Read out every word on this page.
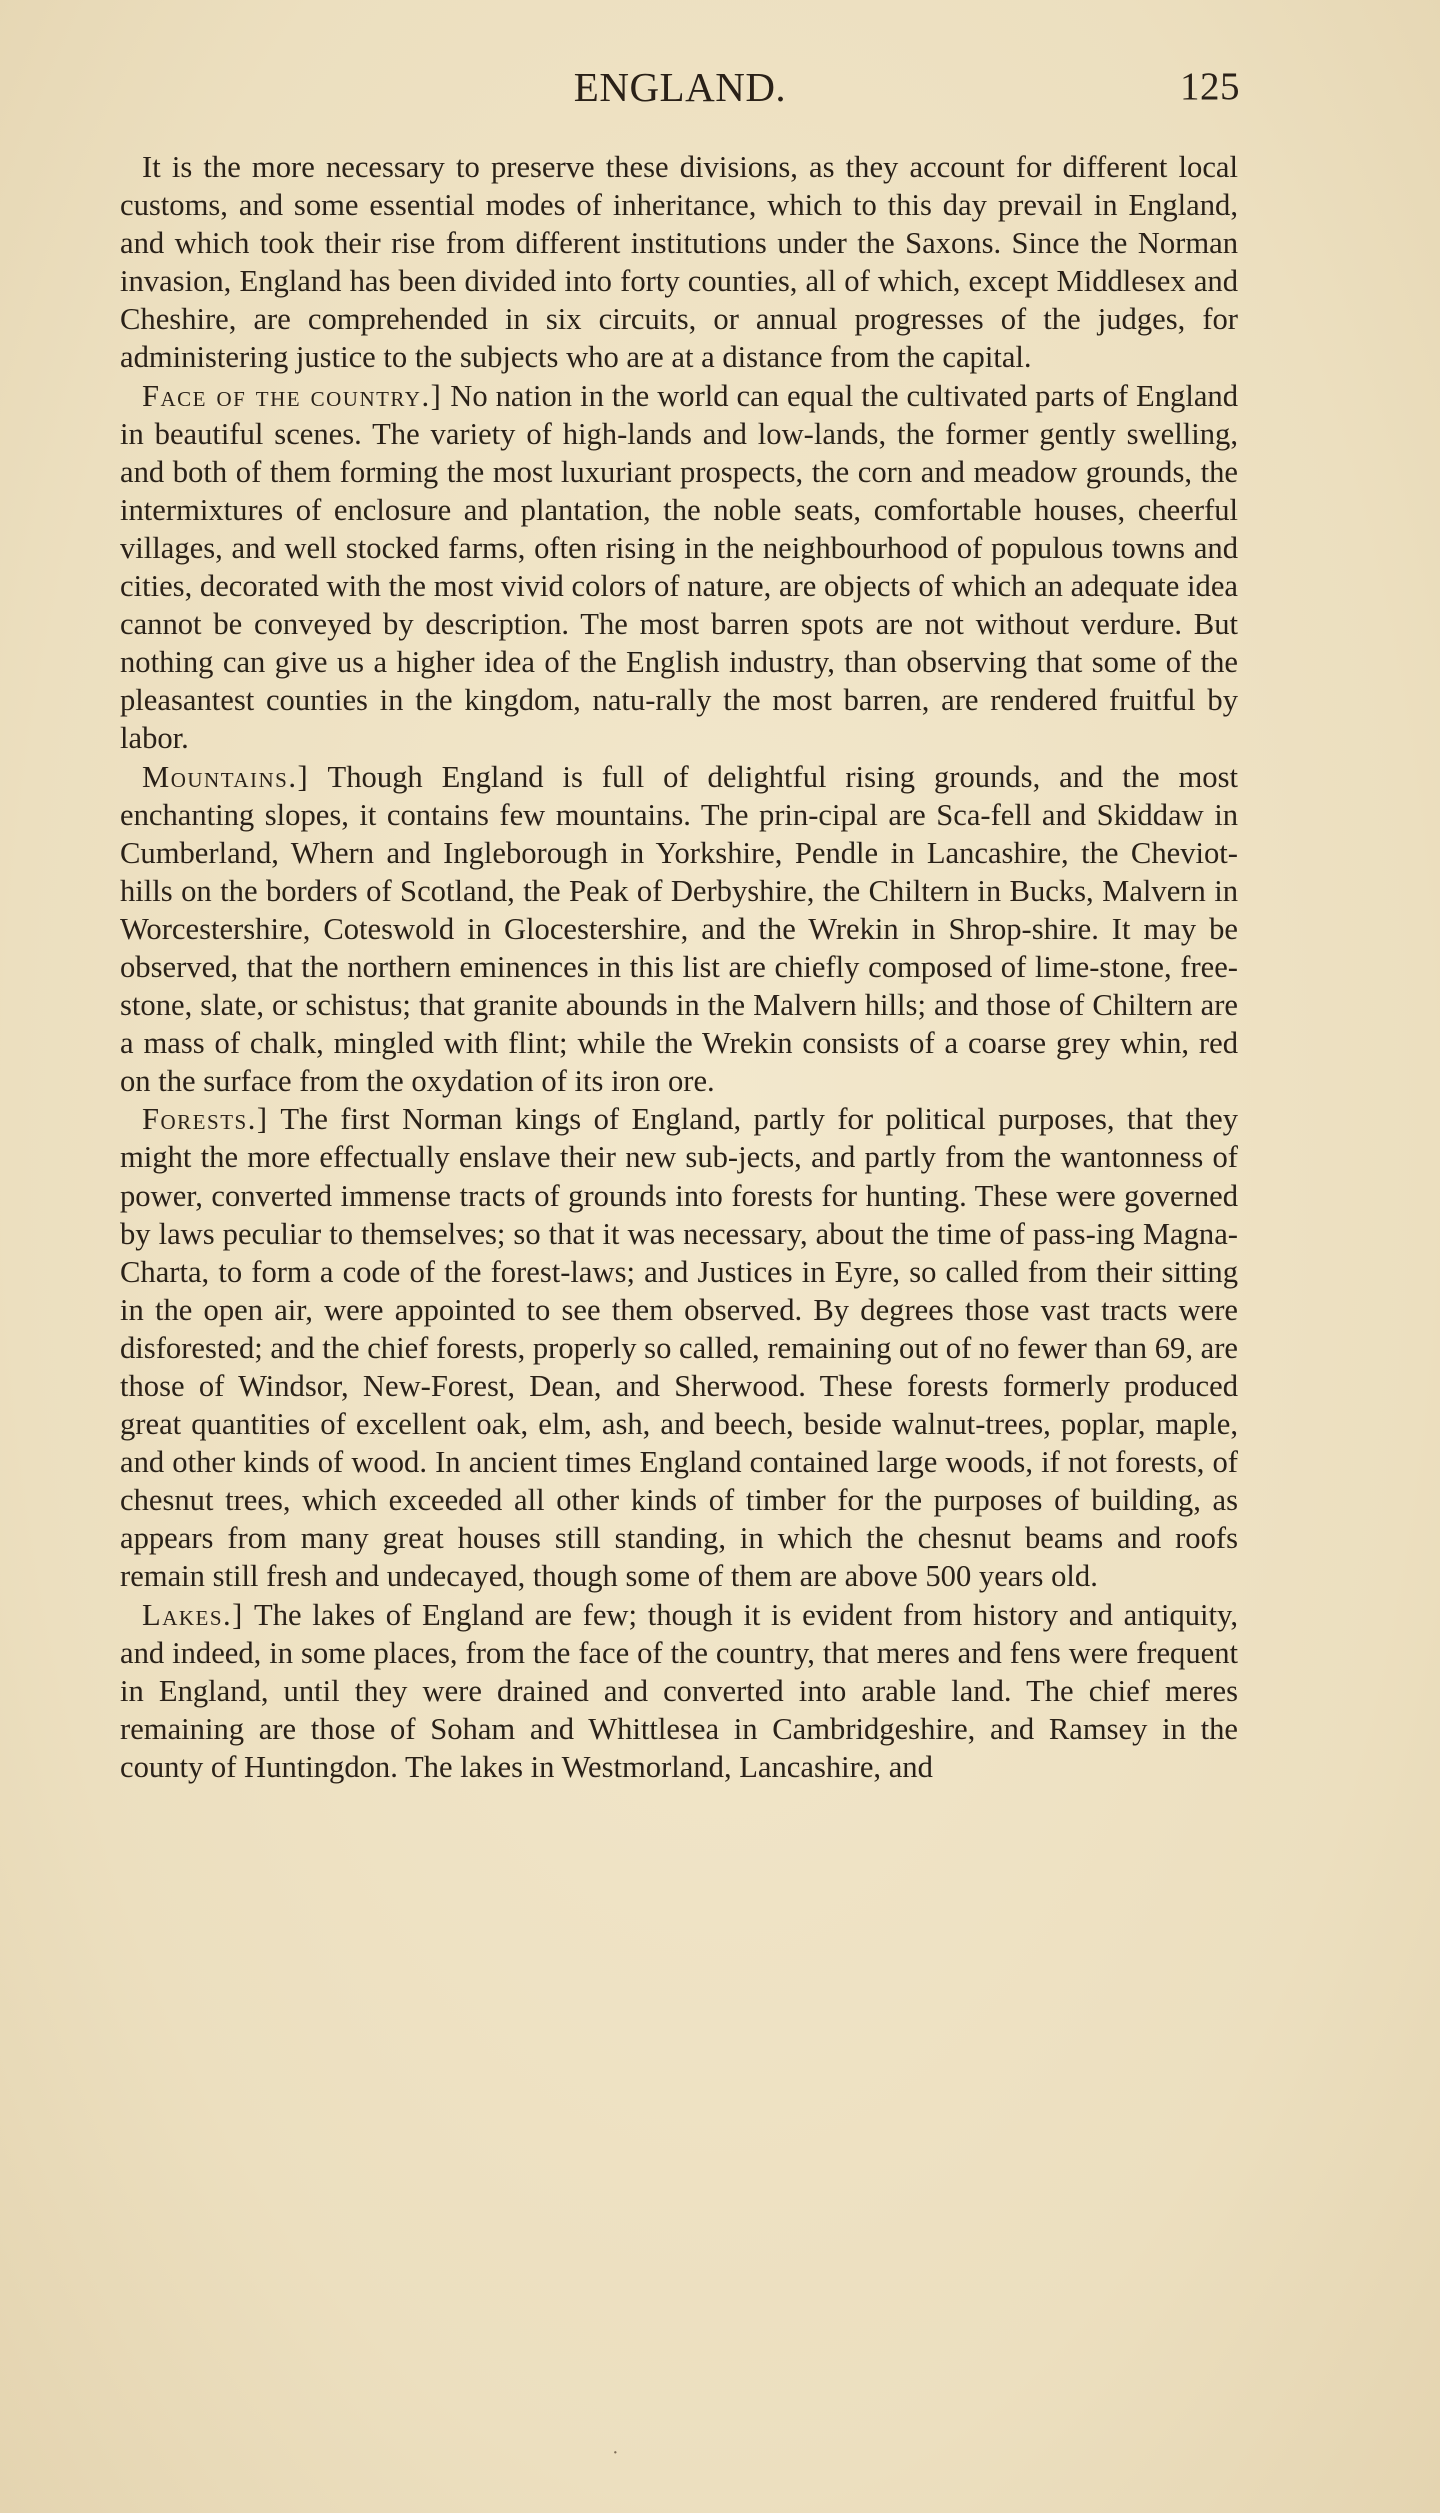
ENGLAND.	125

It is the more necessary to preserve these divisions, as they account for different local customs, and some essential modes of inheritance, which to this day prevail in England, and which took their rise from different institutions under the Saxons. Since the Norman invasion, England has been divided into forty counties, all of which, except Middlesex and Cheshire, are comprehended in six circuits, or annual progresses of the judges, for administering justice to the subjects who are at a distance from the capital.

Face of the country.] No nation in the world can equal the cultivated parts of England in beautiful scenes. The variety of high-lands and low-lands, the former gently swelling, and both of them forming the most luxuriant prospects, the corn and meadow grounds, the intermixtures of enclosure and plantation, the noble seats, comfortable houses, cheerful villages, and well stocked farms, often rising in the neighbourhood of populous towns and cities, decorated with the most vivid colors of nature, are objects of which an adequate idea cannot be conveyed by description. The most barren spots are not without verdure. But nothing can give us a higher idea of the English industry, than observing that some of the pleasantest counties in the kingdom, natu-rally the most barren, are rendered fruitful by labor.

Mountains.] Though England is full of delightful rising grounds, and the most enchanting slopes, it contains few mountains. The prin-cipal are Sca-fell and Skiddaw in Cumberland, Whern and Ingleborough in Yorkshire, Pendle in Lancashire, the Cheviot-hills on the borders of Scotland, the Peak of Derbyshire, the Chiltern in Bucks, Malvern in Worcestershire, Coteswold in Glocestershire, and the Wrekin in Shrop-shire. It may be observed, that the northern eminences in this list are chiefly composed of lime-stone, free-stone, slate, or schistus; that granite abounds in the Malvern hills; and those of Chiltern are a mass of chalk, mingled with flint; while the Wrekin consists of a coarse grey whin, red on the surface from the oxydation of its iron ore.

Forests.] The first Norman kings of England, partly for political purposes, that they might the more effectually enslave their new sub-jects, and partly from the wantonness of power, converted immense tracts of grounds into forests for hunting. These were governed by laws peculiar to themselves; so that it was necessary, about the time of pass-ing Magna-Charta, to form a code of the forest-laws; and Justices in Eyre, so called from their sitting in the open air, were appointed to see them observed. By degrees those vast tracts were disforested; and the chief forests, properly so called, remaining out of no fewer than 69, are those of Windsor, New-Forest, Dean, and Sherwood. These forests formerly produced great quantities of excellent oak, elm, ash, and beech, beside walnut-trees, poplar, maple, and other kinds of wood. In ancient times England contained large woods, if not forests, of chesnut trees, which exceeded all other kinds of timber for the purposes of building, as appears from many great houses still standing, in which the chesnut beams and roofs remain still fresh and undecayed, though some of them are above 500 years old.

Lakes.] The lakes of England are few; though it is evident from history and antiquity, and indeed, in some places, from the face of the country, that meres and fens were frequent in England, until they were drained and converted into arable land. The chief meres remaining are those of Soham and Whittlesea in Cambridgeshire, and Ramsey in the county of Huntingdon. The lakes in Westmorland, Lancashire, and

·
